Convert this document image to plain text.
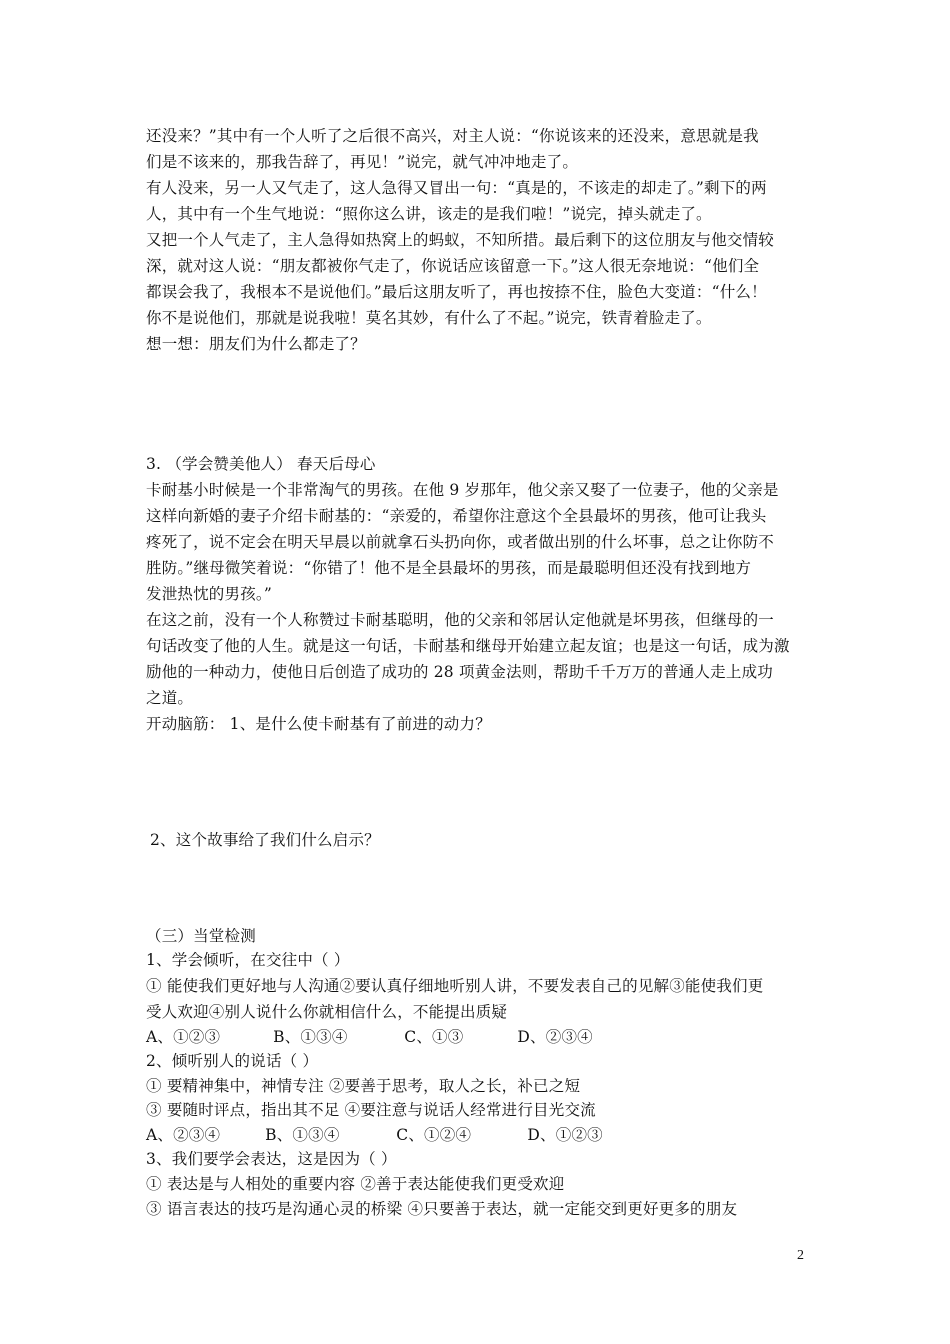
还没来？”其中有一个人听了之后很不高兴，对主人说：“你说该来的还没来，意思就是我
们是不该来的，那我告辞了，再见！”说完，就气冲冲地走了。
有人没来，另一人又气走了，这人急得又冒出一句：“真是的，不该走的却走了。”剩下的两
人，其中有一个生气地说：“照你这么讲，该走的是我们啦！”说完，掉头就走了。
又把一个人气走了，主人急得如热窝上的蚂蚁，不知所措。最后剩下的这位朋友与他交情较
深，就对这人说：“朋友都被你气走了，你说话应该留意一下。”这人很无奈地说：“他们全
都误会我了，我根本不是说他们。”最后这朋友听了，再也按捺不住，脸色大变道：“什么！
你不是说他们，那就是说我啦！莫名其妙，有什么了不起。”说完，铁青着脸走了。
想一想：朋友们为什么都走了？
3. （学会赞美他人） 春天后母心
卡耐基小时候是一个非常淘气的男孩。在他 9 岁那年，他父亲又娶了一位妻子，他的父亲是
这样向新婚的妻子介绍卡耐基的：“亲爱的，希望你注意这个全县最坏的男孩，他可让我头
疼死了，说不定会在明天早晨以前就拿石头扔向你，或者做出别的什么坏事，总之让你防不
胜防。”继母微笑着说：“你错了！他不是全县最坏的男孩，而是最聪明但还没有找到地方
发泄热忱的男孩。”
在这之前，没有一个人称赞过卡耐基聪明，他的父亲和邻居认定他就是坏男孩，但继母的一
句话改变了他的人生。就是这一句话，卡耐基和继母开始建立起友谊；也是这一句话，成为激
励他的一种动力，使他日后创造了成功的 28 项黄金法则，帮助千千万万的普通人走上成功
之道。
开动脑筋： 1、是什么使卡耐基有了前进的动力？
2、这个故事给了我们什么启示？
（三）当堂检测
1、学会倾听，在交往中（ ）
① 能使我们更好地与人沟通②要认真仔细地听别人讲，不要发表自己的见解③能使我们更
受人欢迎④别人说什么你就相信什么，不能提出质疑
A、①②③	B、①③④	C、①③	D、②③④
2、倾听别人的说话（ ）
① 要精神集中，神情专注 ②要善于思考，取人之长，补已之短
③ 要随时评点，指出其不足 ④要注意与说话人经常进行目光交流
A、②③④	B、①③④	C、①②④	D、①②③
3、我们要学会表达，这是因为（ ）
① 表达是与人相处的重要内容 ②善于表达能使我们更受欢迎
③ 语言表达的技巧是沟通心灵的桥梁 ④只要善于表达，就一定能交到更好更多的朋友
2
